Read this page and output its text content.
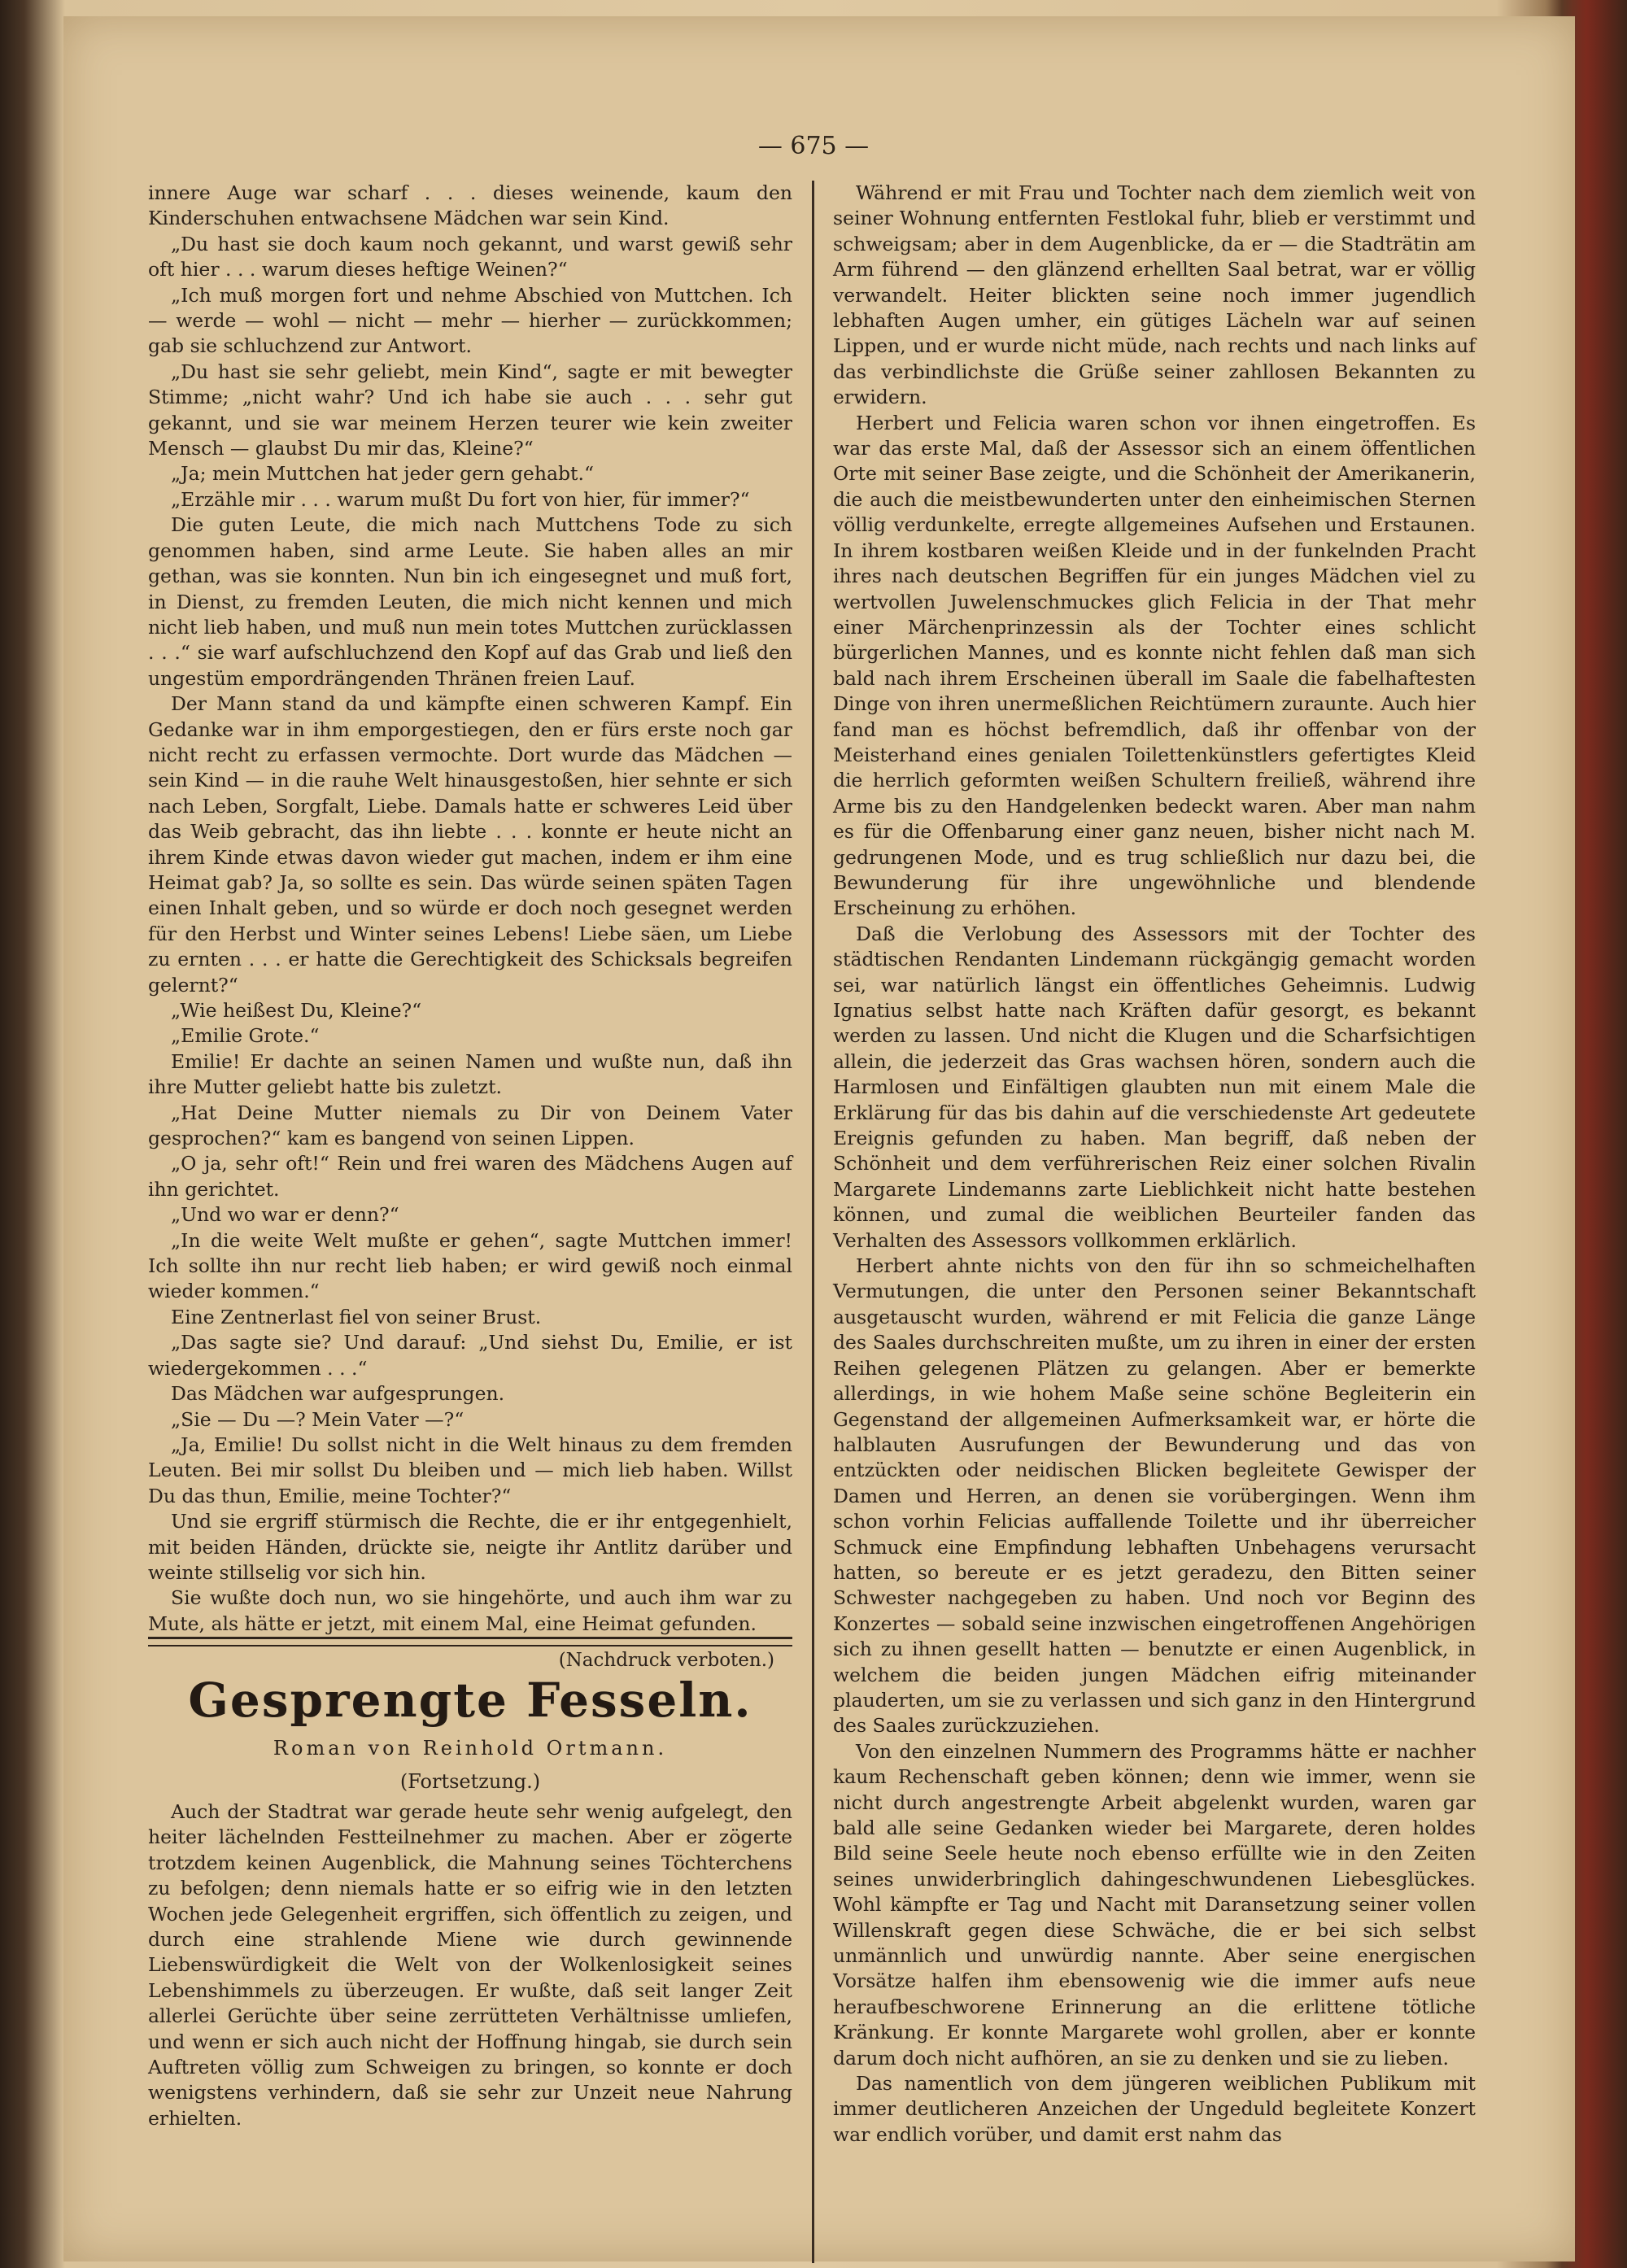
— 675 —

innere Auge war scharf . . . dieses weinende, kaum den Kinderschuhen entwachsene Mädchen war sein Kind.

„Du hast sie doch kaum noch gekannt, und warst gewiß sehr oft hier . . . warum dieses heftige Weinen?“

„Ich muß morgen fort und nehme Abschied von Muttchen. Ich — werde — wohl — nicht — mehr — hierher — zurückkommen; gab sie schluchzend zur Antwort.

„Du hast sie sehr geliebt, mein Kind“, sagte er mit bewegter Stimme; „nicht wahr? Und ich habe sie auch . . . sehr gut gekannt, und sie war meinem Herzen teurer wie kein zweiter Mensch — glaubst Du mir das, Kleine?“

„Ja; mein Muttchen hat jeder gern gehabt.“

„Erzähle mir . . . warum mußt Du fort von hier, für immer?“

Die guten Leute, die mich nach Muttchens Tode zu sich genommen haben, sind arme Leute. Sie haben alles an mir gethan, was sie konnten. Nun bin ich eingesegnet und muß fort, in Dienst, zu fremden Leuten, die mich nicht kennen und mich nicht lieb haben, und muß nun mein totes Muttchen zurücklassen . . .“ sie warf aufschluchzend den Kopf auf das Grab und ließ den ungestüm empordrängenden Thränen freien Lauf.

Der Mann stand da und kämpfte einen schweren Kampf. Ein Gedanke war in ihm emporgestiegen, den er fürs erste noch gar nicht recht zu erfassen vermochte. Dort wurde das Mädchen — sein Kind — in die rauhe Welt hinausgestoßen, hier sehnte er sich nach Leben, Sorgfalt, Liebe. Damals hatte er schweres Leid über das Weib gebracht, das ihn liebte . . . konnte er heute nicht an ihrem Kinde etwas davon wieder gut machen, indem er ihm eine Heimat gab? Ja, so sollte es sein. Das würde seinen späten Tagen einen Inhalt geben, und so würde er doch noch gesegnet werden für den Herbst und Winter seines Lebens! Liebe säen, um Liebe zu ernten . . . er hatte die Gerechtigkeit des Schicksals begreifen gelernt?“

„Wie heißest Du, Kleine?“

„Emilie Grote.“

Emilie! Er dachte an seinen Namen und wußte nun, daß ihn ihre Mutter geliebt hatte bis zuletzt.

„Hat Deine Mutter niemals zu Dir von Deinem Vater gesprochen?“ kam es bangend von seinen Lippen.

„O ja, sehr oft!“ Rein und frei waren des Mädchens Augen auf ihn gerichtet.

„Und wo war er denn?“

„In die weite Welt mußte er gehen“, sagte Muttchen immer! Ich sollte ihn nur recht lieb haben; er wird gewiß noch einmal wieder kommen.“

Eine Zentnerlast fiel von seiner Brust.

„Das sagte sie? Und darauf: „Und siehst Du, Emilie, er ist wiedergekommen . . .“

Das Mädchen war aufgesprungen.

„Sie — Du —? Mein Vater —?“

„Ja, Emilie! Du sollst nicht in die Welt hinaus zu dem fremden Leuten. Bei mir sollst Du bleiben und — mich lieb haben. Willst Du das thun, Emilie, meine Tochter?“

Und sie ergriff stürmisch die Rechte, die er ihr entgegenhielt, mit beiden Händen, drückte sie, neigte ihr Antlitz darüber und weinte stillselig vor sich hin.

Sie wußte doch nun, wo sie hingehörte, und auch ihm war zu Mute, als hätte er jetzt, mit einem Mal, eine Heimat gefunden.

(Nachdruck verboten.)
Gesprengte Fesseln.
Roman von Reinhold Ortmann.
(Fortsetzung.)

Auch der Stadtrat war gerade heute sehr wenig aufgelegt, den heiter lächelnden Festteilnehmer zu machen. Aber er zögerte trotzdem keinen Augenblick, die Mahnung seines Töchterchens zu befolgen; denn niemals hatte er so eifrig wie in den letzten Wochen jede Gelegenheit ergriffen, sich öffentlich zu zeigen, und durch eine strahlende Miene wie durch gewinnende Liebenswürdigkeit die Welt von der Wolkenlosigkeit seines Lebenshimmels zu überzeugen. Er wußte, daß seit langer Zeit allerlei Gerüchte über seine zerrütteten Verhältnisse umliefen, und wenn er sich auch nicht der Hoffnung hingab, sie durch sein Auftreten völlig zum Schweigen zu bringen, so konnte er doch wenigstens verhindern, daß sie sehr zur Unzeit neue Nahrung erhielten.

Während er mit Frau und Tochter nach dem ziemlich weit von seiner Wohnung entfernten Festlokal fuhr, blieb er verstimmt und schweigsam; aber in dem Augenblicke, da er — die Stadträtin am Arm führend — den glänzend erhellten Saal betrat, war er völlig verwandelt. Heiter blickten seine noch immer jugendlich lebhaften Augen umher, ein gütiges Lächeln war auf seinen Lippen, und er wurde nicht müde, nach rechts und nach links auf das verbindlichste die Grüße seiner zahllosen Bekannten zu erwidern.

Herbert und Felicia waren schon vor ihnen eingetroffen. Es war das erste Mal, daß der Assessor sich an einem öffentlichen Orte mit seiner Base zeigte, und die Schönheit der Amerikanerin, die auch die meistbewunderten unter den einheimischen Sternen völlig verdunkelte, erregte allgemeines Aufsehen und Erstaunen. In ihrem kostbaren weißen Kleide und in der funkelnden Pracht ihres nach deutschen Begriffen für ein junges Mädchen viel zu wertvollen Juwelenschmuckes glich Felicia in der That mehr einer Märchenprinzessin als der Tochter eines schlicht bürgerlichen Mannes, und es konnte nicht fehlen daß man sich bald nach ihrem Erscheinen überall im Saale die fabelhaftesten Dinge von ihren unermeßlichen Reichtümern zuraunte. Auch hier fand man es höchst befremdlich, daß ihr offenbar von der Meisterhand eines genialen Toilettenkünstlers gefertigtes Kleid die herrlich geformten weißen Schultern freiließ, während ihre Arme bis zu den Handgelenken bedeckt waren. Aber man nahm es für die Offenbarung einer ganz neuen, bisher nicht nach M. gedrungenen Mode, und es trug schließlich nur dazu bei, die Bewunderung für ihre ungewöhnliche und blendende Erscheinung zu erhöhen.

Daß die Verlobung des Assessors mit der Tochter des städtischen Rendanten Lindemann rückgängig gemacht worden sei, war natürlich längst ein öffentliches Geheimnis. Ludwig Ignatius selbst hatte nach Kräften dafür gesorgt, es bekannt werden zu lassen. Und nicht die Klugen und die Scharfsichtigen allein, die jederzeit das Gras wachsen hören, sondern auch die Harmlosen und Einfältigen glaubten nun mit einem Male die Erklärung für das bis dahin auf die verschiedenste Art gedeutete Ereignis gefunden zu haben. Man begriff, daß neben der Schönheit und dem verführerischen Reiz einer solchen Rivalin Margarete Lindemanns zarte Lieblichkeit nicht hatte bestehen können, und zumal die weiblichen Beurteiler fanden das Verhalten des Assessors vollkommen erklärlich.

Herbert ahnte nichts von den für ihn so schmeichelhaften Vermutungen, die unter den Personen seiner Bekanntschaft ausgetauscht wurden, während er mit Felicia die ganze Länge des Saales durchschreiten mußte, um zu ihren in einer der ersten Reihen gelegenen Plätzen zu gelangen. Aber er bemerkte allerdings, in wie hohem Maße seine schöne Begleiterin ein Gegenstand der allgemeinen Aufmerksamkeit war, er hörte die halblauten Ausrufungen der Bewunderung und das von entzückten oder neidischen Blicken begleitete Gewisper der Damen und Herren, an denen sie vorübergingen. Wenn ihm schon vorhin Felicias auffallende Toilette und ihr überreicher Schmuck eine Empfindung lebhaften Unbehagens verursacht hatten, so bereute er es jetzt geradezu, den Bitten seiner Schwester nachgegeben zu haben. Und noch vor Beginn des Konzertes — sobald seine inzwischen eingetroffenen Angehörigen sich zu ihnen gesellt hatten — benutzte er einen Augenblick, in welchem die beiden jungen Mädchen eifrig miteinander plauderten, um sie zu verlassen und sich ganz in den Hintergrund des Saales zurückzuziehen.

Von den einzelnen Nummern des Programms hätte er nachher kaum Rechenschaft geben können; denn wie immer, wenn sie nicht durch angestrengte Arbeit abgelenkt wurden, waren gar bald alle seine Gedanken wieder bei Margarete, deren holdes Bild seine Seele heute noch ebenso erfüllte wie in den Zeiten seines unwiderbringlich dahingeschwundenen Liebesglückes. Wohl kämpfte er Tag und Nacht mit Daransetzung seiner vollen Willenskraft gegen diese Schwäche, die er bei sich selbst unmännlich und unwürdig nannte. Aber seine energischen Vorsätze halfen ihm ebensowenig wie die immer aufs neue heraufbeschworene Erinnerung an die erlittene tötliche Kränkung. Er konnte Margarete wohl grollen, aber er konnte darum doch nicht aufhören, an sie zu denken und sie zu lieben.

Das namentlich von dem jüngeren weiblichen Publikum mit immer deutlicheren Anzeichen der Ungeduld begleitete Konzert war endlich vorüber, und damit erst nahm das
